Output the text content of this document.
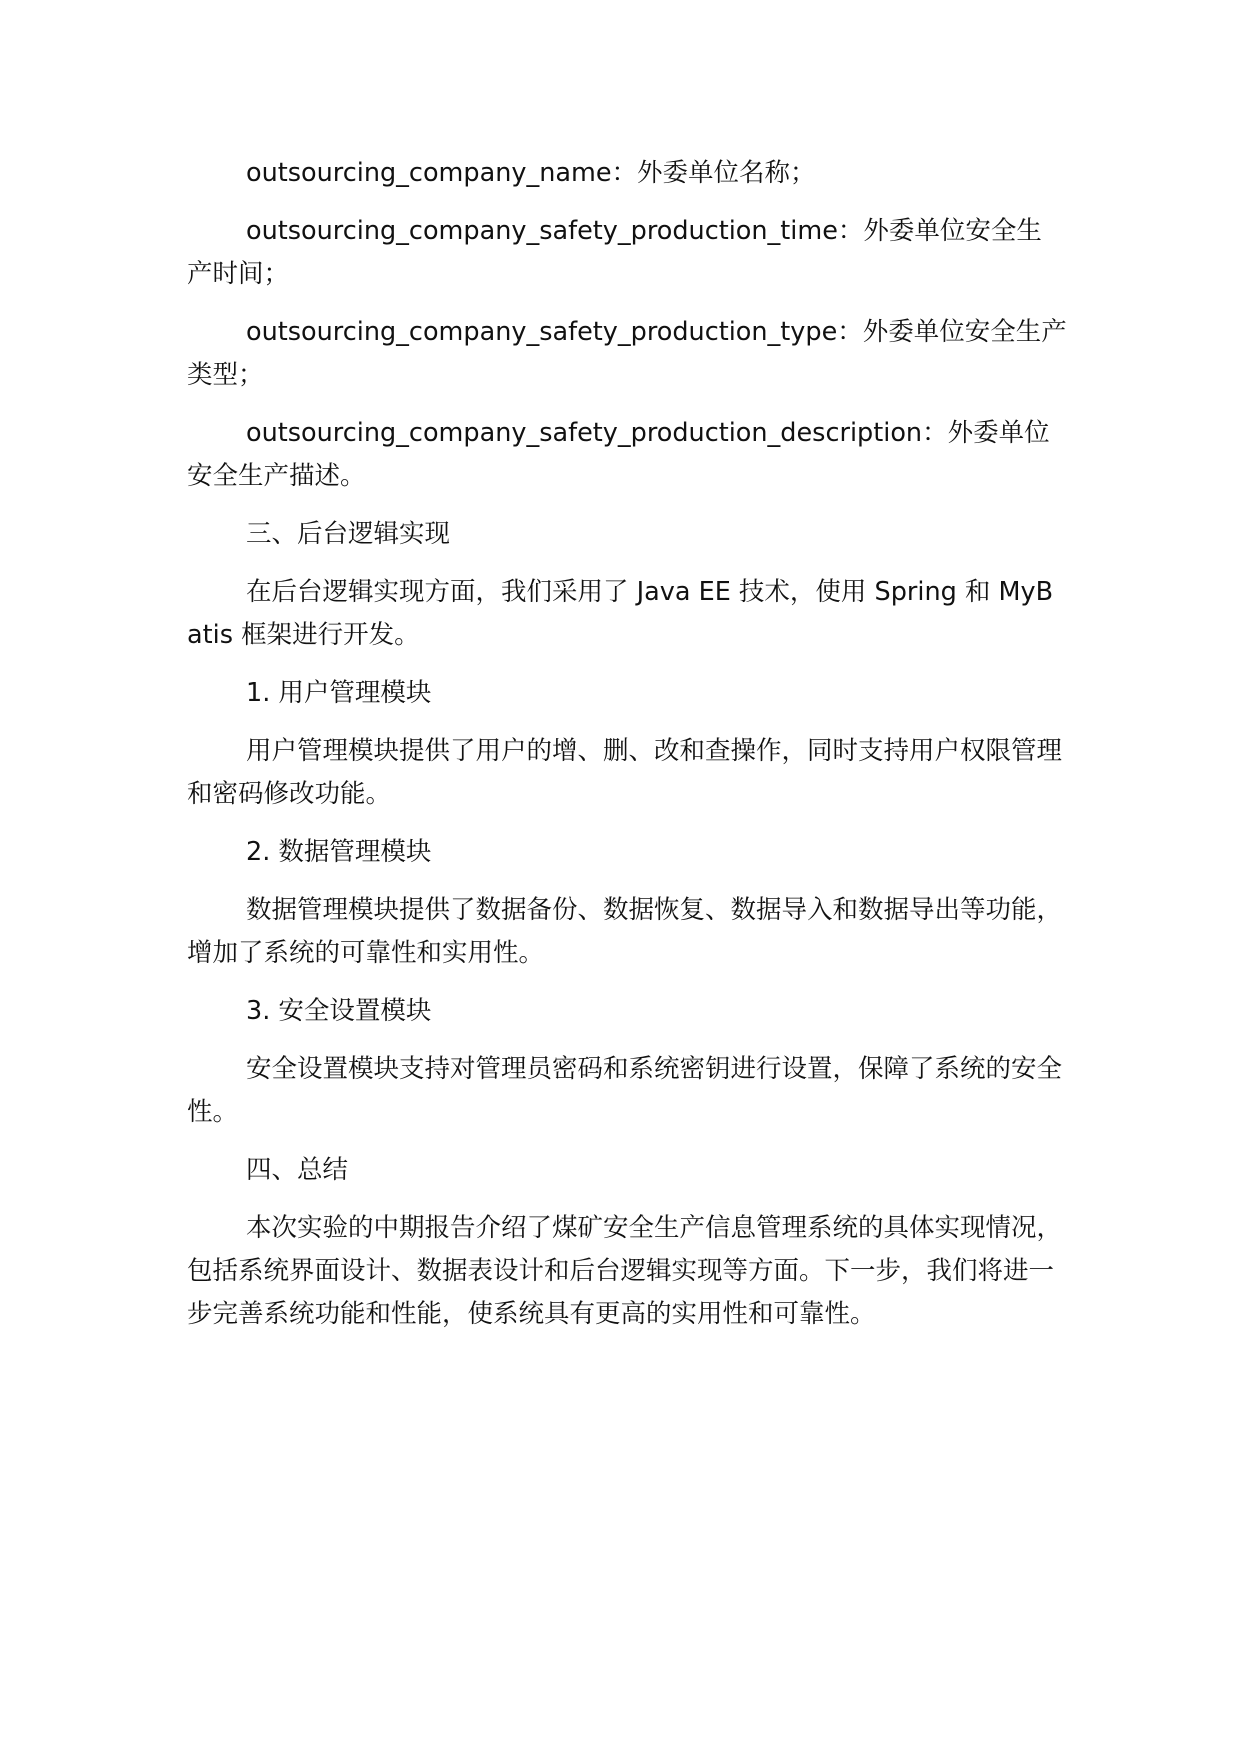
outsourcing_company_name：外委单位名称；

outsourcing_company_safety_production_time：外委单位安全生产时间；

outsourcing_company_safety_production_type：外委单位安全生产类型；

outsourcing_company_safety_production_description：外委单位安全生产描述。

三、后台逻辑实现

在后台逻辑实现方面，我们采用了 Java EE 技术，使用 Spring 和 MyBatis 框架进行开发。

1. 用户管理模块

用户管理模块提供了用户的增、删、改和查操作，同时支持用户权限管理和密码修改功能。

2. 数据管理模块

数据管理模块提供了数据备份、数据恢复、数据导入和数据导出等功能，增加了系统的可靠性和实用性。

3. 安全设置模块

安全设置模块支持对管理员密码和系统密钥进行设置，保障了系统的安全性。

四、总结

本次实验的中期报告介绍了煤矿安全生产信息管理系统的具体实现情况，包括系统界面设计、数据表设计和后台逻辑实现等方面。下一步，我们将进一步完善系统功能和性能，使系统具有更高的实用性和可靠性。
